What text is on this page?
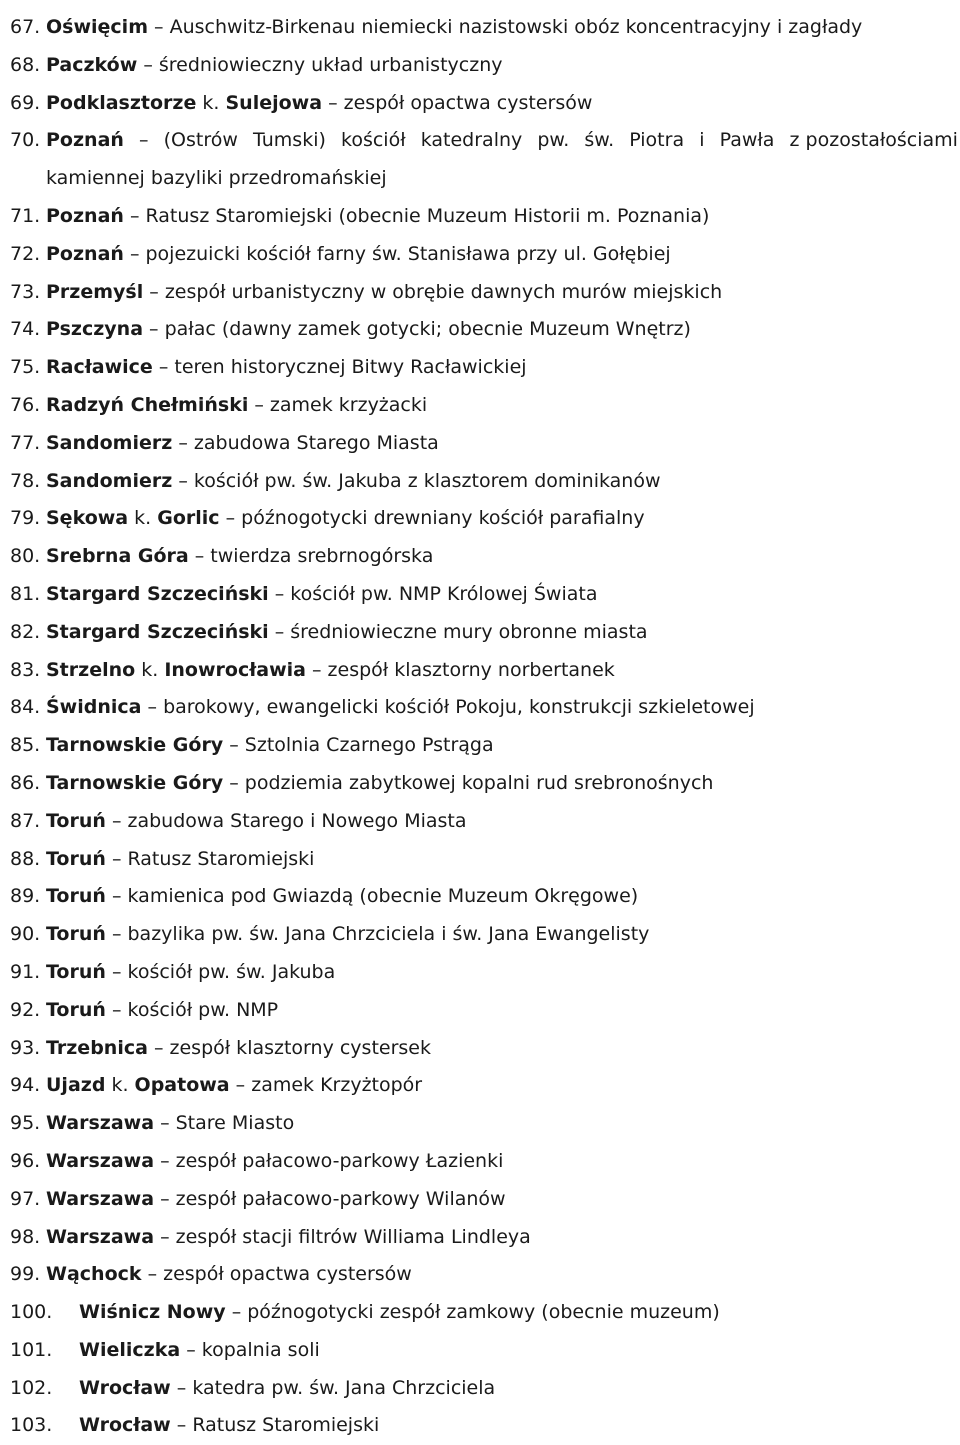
67. Oświęcim – Auschwitz-Birkenau niemiecki nazistowski obóz koncentracyjny i zagłady
68. Paczków – średniowieczny układ urbanistyczny
69. Podklasztorze k. Sulejowa – zespół opactwa cystersów
70. Poznań – (Ostrów Tumski) kościół katedralny pw. św. Piotra i Pawła z pozostałościami
kamiennej bazyliki przedromańskiej
71. Poznań – Ratusz Staromiejski (obecnie Muzeum Historii m. Poznania)
72. Poznań – pojezuicki kościół farny św. Stanisława przy ul. Gołębiej
73. Przemyśl – zespół urbanistyczny w obrębie dawnych murów miejskich
74. Pszczyna – pałac (dawny zamek gotycki; obecnie Muzeum Wnętrz)
75. Racławice – teren historycznej Bitwy Racławickiej
76. Radzyń Chełmiński – zamek krzyżacki
77. Sandomierz – zabudowa Starego Miasta
78. Sandomierz – kościół pw. św. Jakuba z klasztorem dominikanów
79. Sękowa k. Gorlic – późnogotycki drewniany kościół parafialny
80. Srebrna Góra – twierdza srebrnogórska
81. Stargard Szczeciński – kościół pw. NMP Królowej Świata
82. Stargard Szczeciński – średniowieczne mury obronne miasta
83. Strzelno k. Inowrocławia – zespół klasztorny norbertanek
84. Świdnica – barokowy, ewangelicki kościół Pokoju, konstrukcji szkieletowej
85. Tarnowskie Góry – Sztolnia Czarnego Pstrąga
86. Tarnowskie Góry – podziemia zabytkowej kopalni rud srebronośnych
87. Toruń – zabudowa Starego i Nowego Miasta
88. Toruń – Ratusz Staromiejski
89. Toruń – kamienica pod Gwiazdą (obecnie Muzeum Okręgowe)
90. Toruń – bazylika pw. św. Jana Chrzciciela i św. Jana Ewangelisty
91. Toruń – kościół pw. św. Jakuba
92. Toruń – kościół pw. NMP
93. Trzebnica – zespół klasztorny cystersek
94. Ujazd k. Opatowa – zamek Krzyżtopór
95. Warszawa – Stare Miasto
96. Warszawa – zespół pałacowo-parkowy Łazienki
97. Warszawa – zespół pałacowo-parkowy Wilanów
98. Warszawa – zespół stacji filtrów Williama Lindleya
99. Wąchock – zespół opactwa cystersów
100.	Wiśnicz Nowy – późnogotycki zespół zamkowy (obecnie muzeum)
101.	Wieliczka – kopalnia soli
102.	Wrocław – katedra pw. św. Jana Chrzciciela
103.	Wrocław – Ratusz Staromiejski
